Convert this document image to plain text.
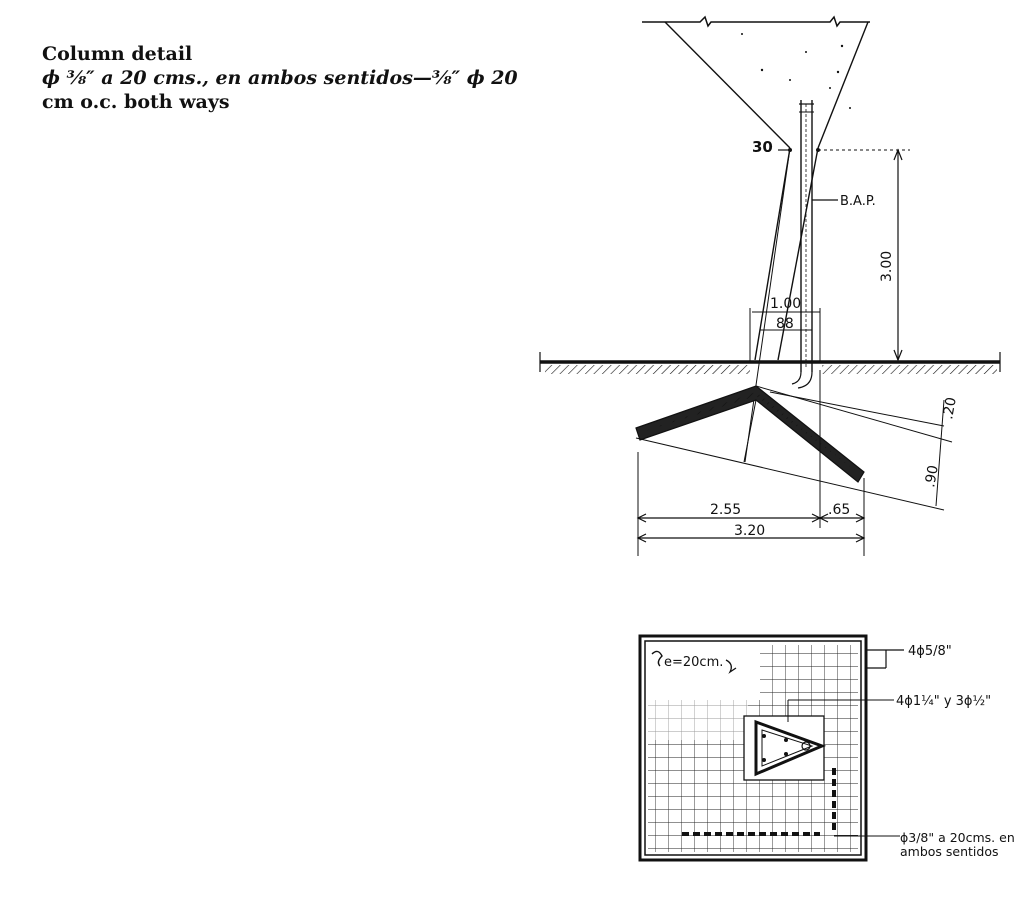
Column detail
ϕ ⅜″ a 20 cms., en ambos sentidos—⅜″ ϕ 20
cm o.c. both ways
30
B.A.P.
3.00
1.00
88
.20
.90
2.55	.65
3.20
e=20cm.
4ϕ5/8"
4ϕ1¼" y 3ϕ½"
ϕ3/8" a 20cms. en
ambos sentidos
